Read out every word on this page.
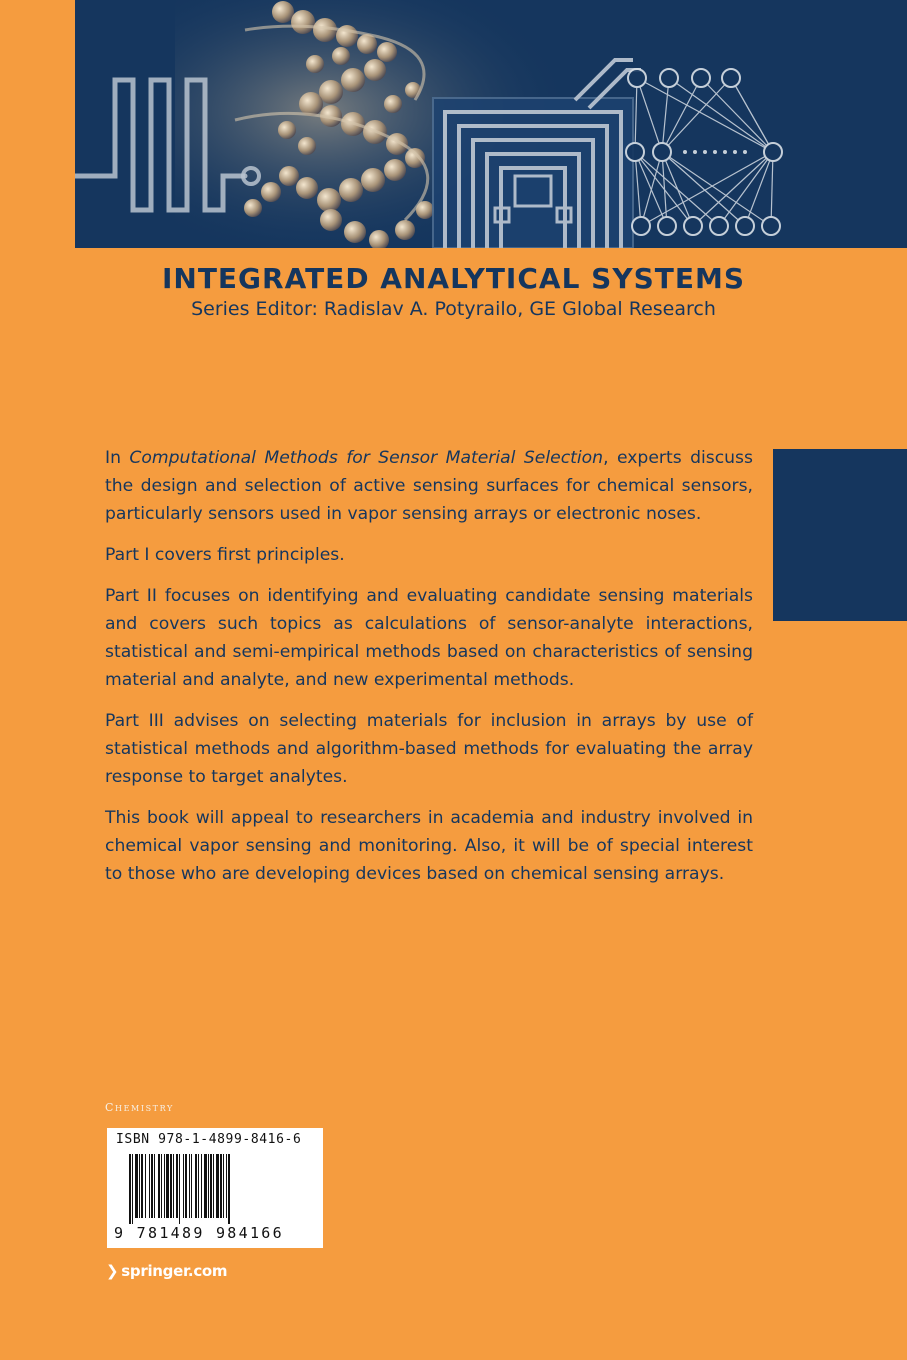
INTEGRATED ANALYTICAL SYSTEMS
Series Editor: Radislav A. Potyrailo, GE Global Research

In Computational Methods for Sensor Material Selection, experts discuss the design and selection of active sensing surfaces for chemical sensors, particularly sensors used in vapor sensing arrays or electronic noses.

Part I covers first principles.

Part II focuses on identifying and evaluating candidate sensing materials and covers such topics as calculations of sensor-analyte interactions, statistical and semi-empirical methods based on characteristics of sensing material and analyte, and new experimental methods.

Part III advises on selecting materials for inclusion in arrays by use of statistical methods and algorithm-based methods for evaluating the array response to target analytes.

This book will appeal to researchers in academia and industry involved in chemical vapor sensing and monitoring. Also, it will be of special interest to those who are developing devices based on chemical sensing arrays.

Chemistry
ISBN 978-1-4899-8416-6
9 781489 984166
❯ springer.com
